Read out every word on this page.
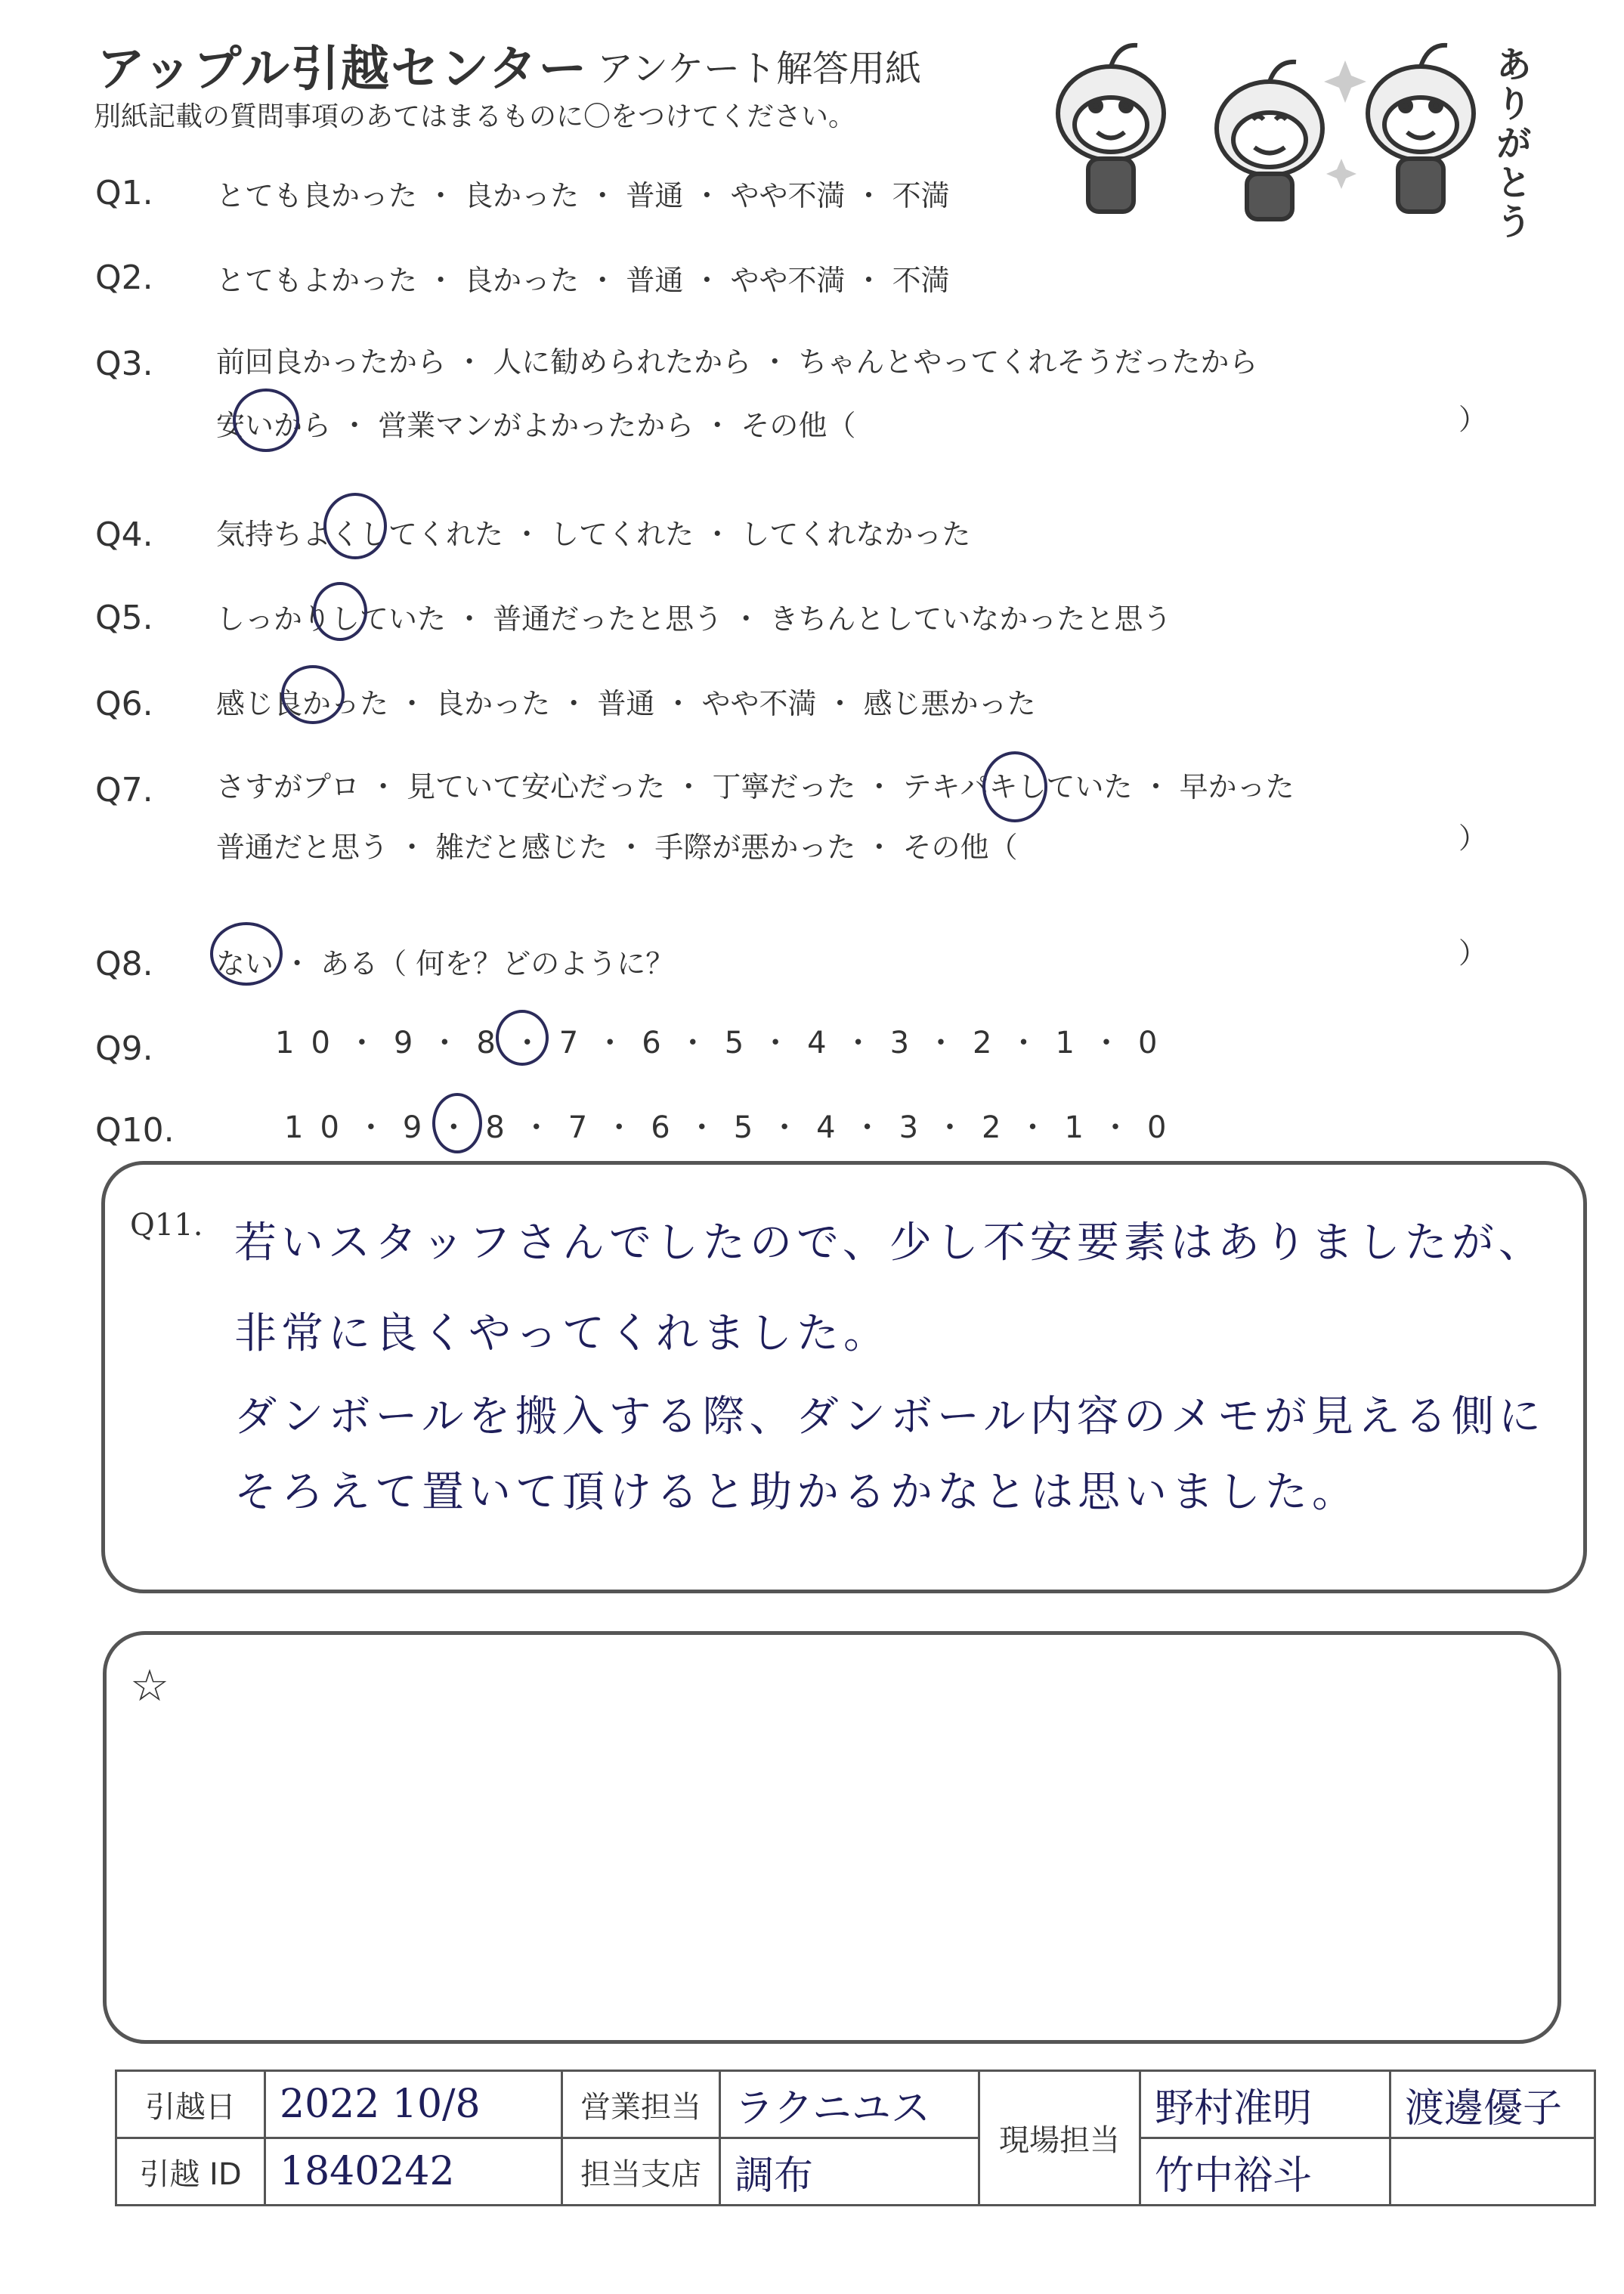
アップル引越センター アンケート解答用紙
別紙記載の質問事項のあてはまるものに〇をつけてください。	ありがとう
Q1. とても良かった ・ 良かった ・ 普通 ・ やや不満 ・ 不満
Q2. とてもよかった ・ 良かった ・ 普通 ・ やや不満 ・ 不満
Q3. 前回良かったから ・ 人に勧められたから ・ ちゃんとやってくれそうだったから
安いから ・ 営業マンがよかったから ・ その他（	）
Q4. 気持ちよくしてくれた ・ してくれた ・ してくれなかった
Q5. しっかりしていた ・ 普通だったと思う ・ きちんとしていなかったと思う
Q6. 感じ良かった ・ 良かった ・ 普通 ・ やや不満 ・ 感じ悪かった
Q7. さすがプロ ・ 見ていて安心だった ・ 丁寧だった ・ テキパキしていた ・ 早かった
普通だと思う ・ 雑だと感じた ・ 手際が悪かった ・ その他（	）
Q8. ない ・ ある（ 何を？どのように？	）
Q9.	10・9・8・7・6・5・4・3・2・1・0
Q10.	10・9・8・7・6・5・4・3・2・1・0
Q11. 若いスタッフさんでしたので、少し不安要素はありましたが、
非常に良くやってくれました。
ダンボールを搬入する際、ダンボール内容のメモが見える側に
そろえて置いて頂けると助かるかなとは思いました。
☆
引越日	2022 10/8	営業担当	ラクニユス	現場担当	野村准明	渡邊優子
引越 ID	1840242	担当支店	調布		竹中裕斗	
